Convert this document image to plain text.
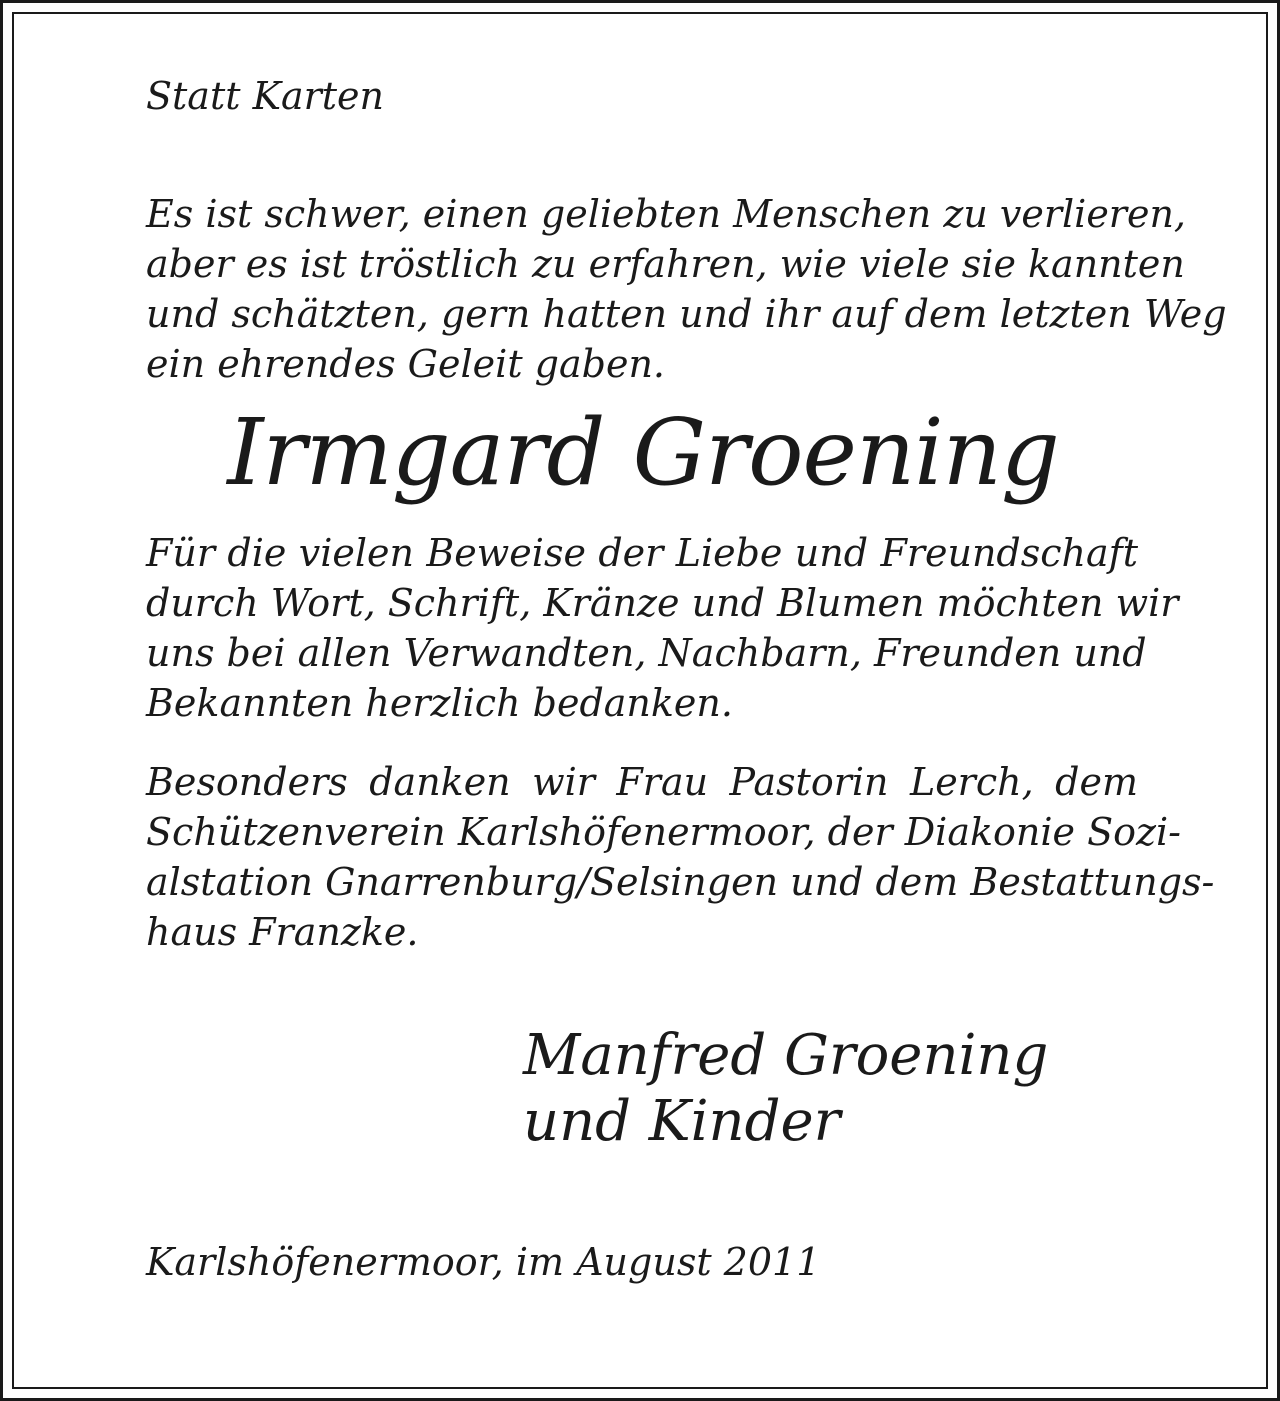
Statt Karten

Es ist schwer, einen geliebten Menschen zu verlieren,
aber es ist tröstlich zu erfahren, wie viele sie kannten
und schätzten, gern hatten und ihr auf dem letzten Weg
ein ehrendes Geleit gaben.

Irmgard Groening

Für die vielen Beweise der Liebe und Freundschaft
durch Wort, Schrift, Kränze und Blumen möchten wir
uns bei allen Verwandten, Nachbarn, Freunden und
Bekannten herzlich bedanken.
Besonders danken wir Frau Pastorin Lerch, dem
Schützenverein Karlshöfenermoor, der Diakonie Sozi-
alstation Gnarrenburg/Selsingen und dem Bestattungs-
haus Franzke.
Manfred Groening
und Kinder

Karlshöfenermoor, im August 2011
